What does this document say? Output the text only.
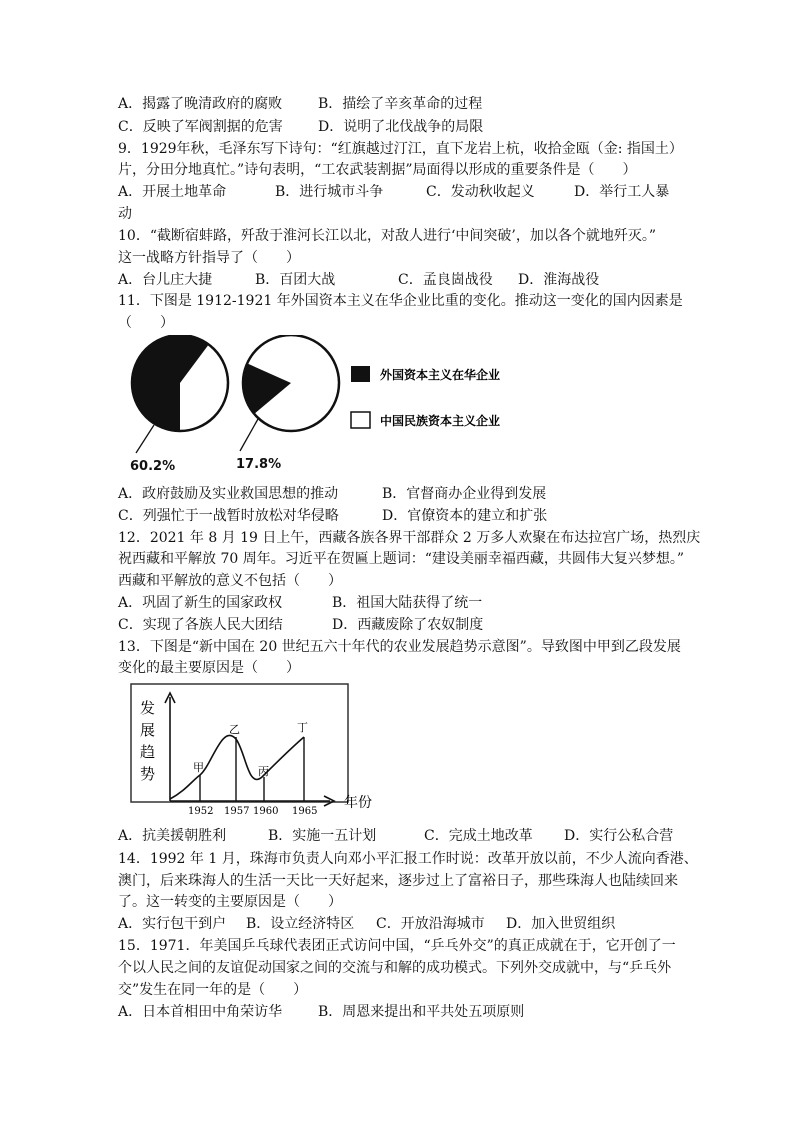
A．揭露了晚清政府的腐败	B．描绘了辛亥革命的过程
C．反映了军阀割据的危害	D．说明了北伐战争的局限
9．1929年秋，毛泽东写下诗句：“红旗越过汀江，直下龙岩上杭，收拾金瓯（金: 指国土）
片，分田分地真忙。”诗句表明，“工农武装割据”局面得以形成的重要条件是（　　）
A．开展土地革命	B．进行城市斗争	C．发动秋收起义	D．举行工人暴
动
10．“截断宿蚌路，歼敌于淮河长江以北，对敌人进行‘中间突破’，加以各个就地歼灭。”
这一战略方针指导了（　　）
A．台儿庄大捷	B．百团大战	C．孟良崮战役 D．淮海战役
11．下图是 1912-1921 年外国资本主义在华企业比重的变化。推动这一变化的国内因素是
（　　）
外国资本主义在华企业
中国民族资本主义企业
60.2%	17.8%
A．政府鼓励及实业救国思想的推动	B．官督商办企业得到发展
C．列强忙于一战暂时放松对华侵略	D．官僚资本的建立和扩张
12．2021 年 8 月 19 日上午，西藏各族各界干部群众 2 万多人欢聚在布达拉宫广场，热烈庆
祝西藏和平解放 70 周年。习近平在贺匾上题词：“建设美丽幸福西藏，共圆伟大复兴梦想。”
西藏和平解放的意义不包括（　　）
A．巩固了新生的国家政权	B．祖国大陆获得了统一
C．实现了各族人民大团结	D．西藏废除了农奴制度
13．下图是“新中国在 20 世纪五六十年代的农业发展趋势示意图”。导致图中甲到乙段发展
变化的最主要原因是（　　）
发
展
趋
势	甲
乙
丙
丁
1952 1957 1960 1965
年份
A．抗美援朝胜利	B．实施一五计划	C．完成土地改革 D．实行公私合营
14．1992 年 1 月，珠海市负责人向邓小平汇报工作时说：改革开放以前，不少人流向香港、
澳门，后来珠海人的生活一天比一天好起来，逐步过上了富裕日子，那些珠海人也陆续回来
了。这一转变的主要原因是（　　）
A．实行包干到户 B．设立经济特区 C．开放沿海城市 D．加入世贸组织
15．1971．年美国乒乓球代表团正式访问中国，“乒乓外交”的真正成就在于，它开创了一
个以人民之间的友谊促动国家之间的交流与和解的成功模式。下列外交成就中，与“乒乓外
交”发生在同一年的是（　　）
A．日本首相田中角荣访华	B．周恩来提出和平共处五项原则
